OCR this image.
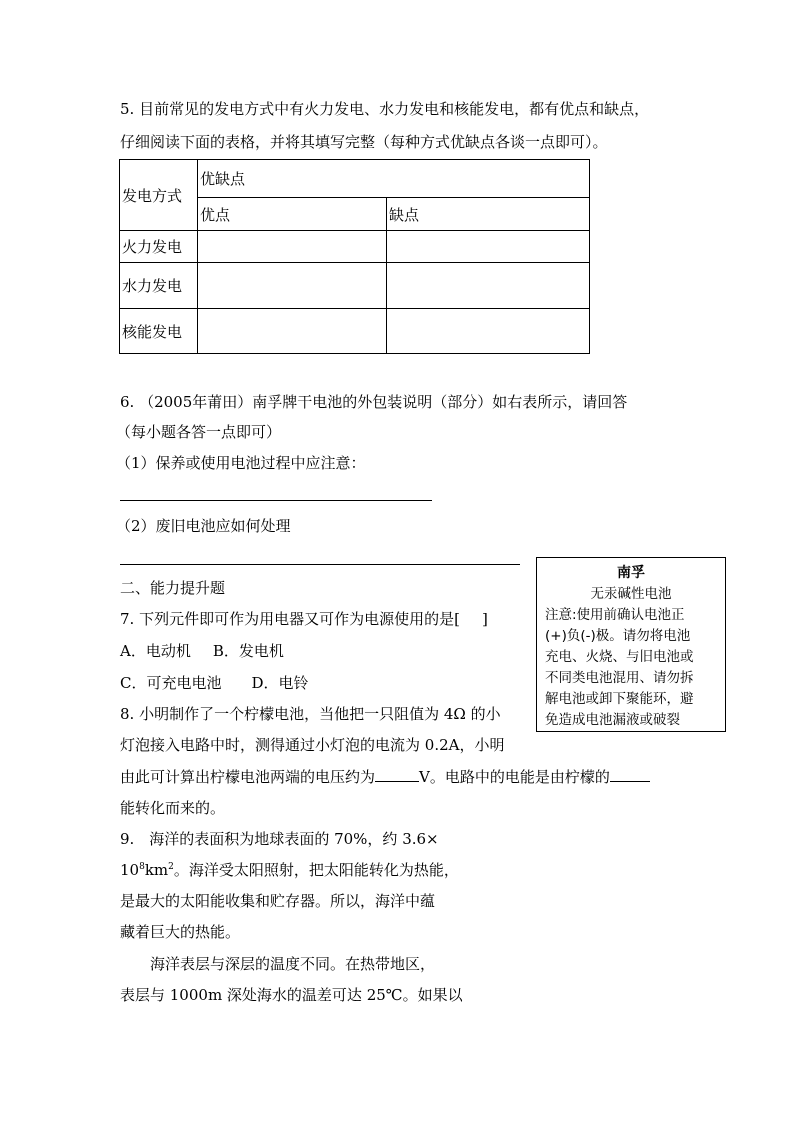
5. 目前常见的发电方式中有火力发电、水力发电和核能发电，都有优点和缺点，
仔细阅读下面的表格，并将其填写完整（每种方式优缺点各谈一点即可）。
发电方式	优缺点	
	优点	缺点
火力发电		
水力发电		
核能发电		
6. （2005年莆田）南孚牌干电池的外包装说明（部分）如右表所示，请回答
（每小题各答一点即可）
（1）保养或使用电池过程中应注意：
（2）废旧电池应如何处理
南孚
无汞碱性电池
注意:使用前确认电池正
(+)负(-)极。请勿将电池
充电、火烧、与旧电池或
不同类电池混用、请勿拆
解电池或卸下聚能环，避
免造成电池漏液或破裂
二、能力提升题
7. 下列元件即可作为用电器又可作为电源使用的是[ ]
A．电动机 B．发电机
C．可充电电池 D．电铃
8. 小明制作了一个柠檬电池，当他把一只阻值为 4Ω 的小
灯泡接入电路中时，测得通过小灯泡的电流为 0.2A，小明
由此可计算出柠檬电池两端的电压约为	V。电路中的电能是由柠檬的
能转化而来的。
9.　海洋的表面积为地球表面的 70%，约 3.6×
$10^8km^2$。海洋受太阳照射，把太阳能转化为热能，
是最大的太阳能收集和贮存器。所以，海洋中蕴
藏着巨大的热能。
海洋表层与深层的温度不同。在热带地区，
表层与 1000m 深处海水的温差可达 25℃。如果以
